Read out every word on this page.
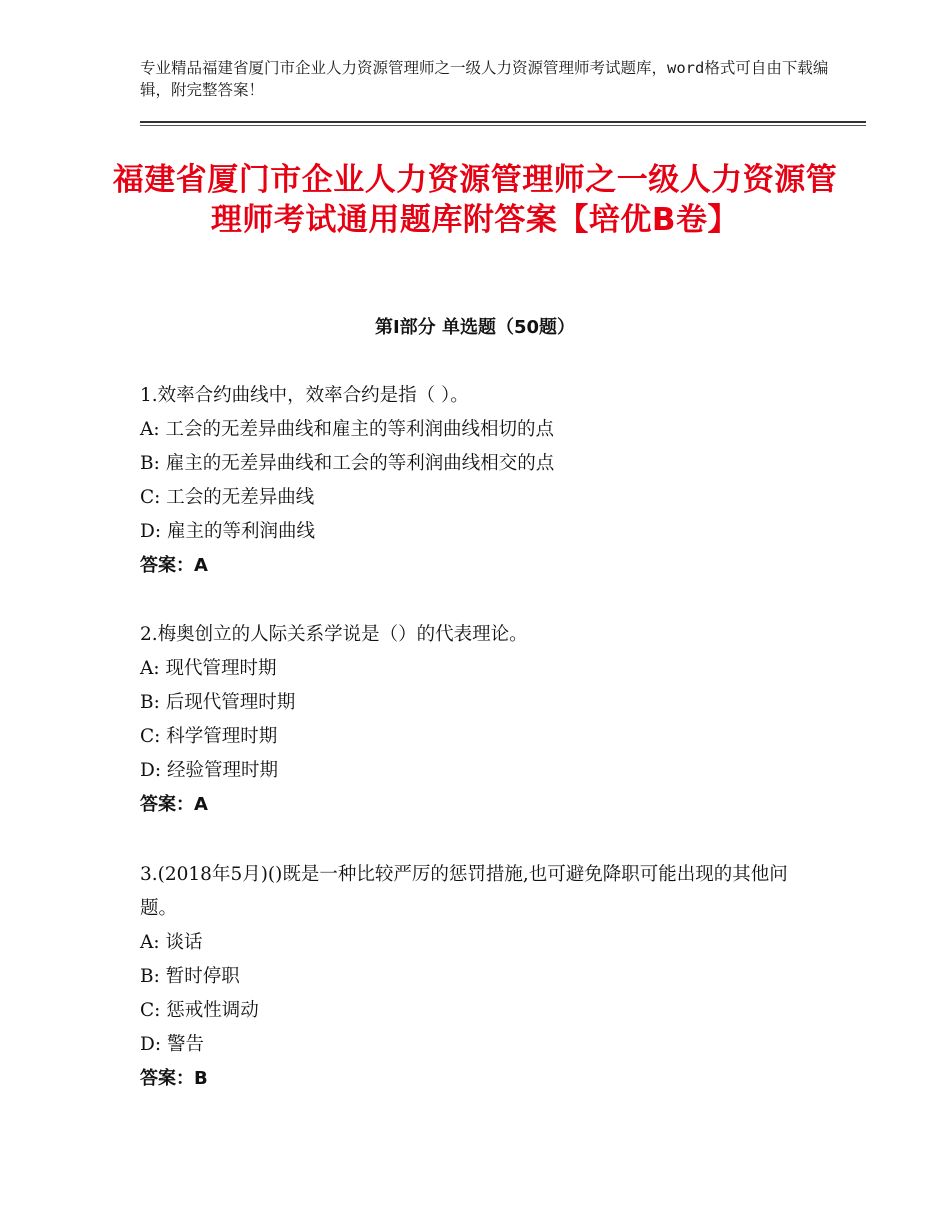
专业精品福建省厦门市企业人力资源管理师之一级人力资源管理师考试题库，word格式可自由下载编辑，附完整答案！
福建省厦门市企业人力资源管理师之一级人力资源管理师考试通用题库附答案【培优B卷】
第Ⅰ部分 单选题（50题）
1.效率合约曲线中，效率合约是指（ ）。
A: 工会的无差异曲线和雇主的等利润曲线相切的点
B: 雇主的无差异曲线和工会的等利润曲线相交的点
C: 工会的无差异曲线
D: 雇主的等利润曲线
答案：A
2.梅奥创立的人际关系学说是（）的代表理论。
A: 现代管理时期
B: 后现代管理时期
C: 科学管理时期
D: 经验管理时期
答案：A
3.(2018年5月)()既是一种比较严厉的惩罚措施,也可避免降职可能出现的其他问题。
A: 谈话
B: 暂时停职
C: 惩戒性调动
D: 警告
答案：B
